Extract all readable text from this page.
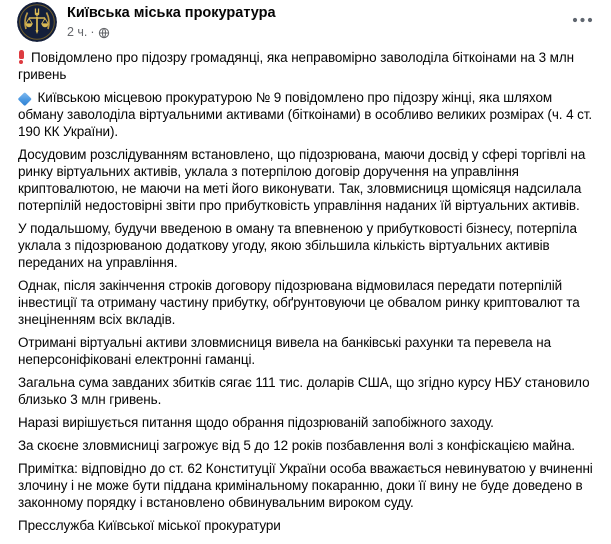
Київська міська прокуратура
2 ч. ·

Повідомлено про підозру громадянці, яка неправомірно заволоділа біткоінами на 3 млн гривень

Київською місцевою прокуратурою № 9 повідомлено про підозру жінці, яка шляхом обману заволоділа віртуальними активами (біткоінами) в особливо великих розмірах (ч. 4 ст. 190 КК України).

Досудовим розслідуванням встановлено, що підозрювана, маючи досвід у сфері торгівлі на ринку віртуальних активів, уклала з потерпілою договір доручення на управління криптовалютою, не маючи на меті його виконувати. Так, зловмисниця щомісяця надсилала потерпілій недостовірні звіти про прибутковість управління наданих їй віртуальних активів.

У подальшому, будучи введеною в оману та впевненою у прибутковості бізнесу, потерпіла уклала з підозрюваною додаткову угоду, якою збільшила кількість віртуальних активів переданих на управління.

Однак, після закінчення строків договору підозрювана відмовилася передати потерпілій інвестиції та отриману частину прибутку, обґрунтовуючи це обвалом ринку криптовалют та знеціненням всіх вкладів.

Отримані віртуальні активи зловмисниця вивела на банківські рахунки та перевела на неперсоніфіковані електронні гаманці.

Загальна сума завданих збитків сягає 111 тис. доларів США, що згідно курсу НБУ становило близько 3 млн гривень.

Наразі вирішується питання щодо обрання підозрюваній запобіжного заходу.

За скоєне зловмисниці загрожує від 5 до 12 років позбавлення волі з конфіскацією майна.

Примітка: відповідно до ст. 62 Конституції України особа вважається невинуватою у вчиненні злочину і не може бути піддана кримінальному покаранню, доки її вину не буде доведено в законному порядку і встановлено обвинувальним вироком суду.

Пресслужба Київської міської прокуратури
